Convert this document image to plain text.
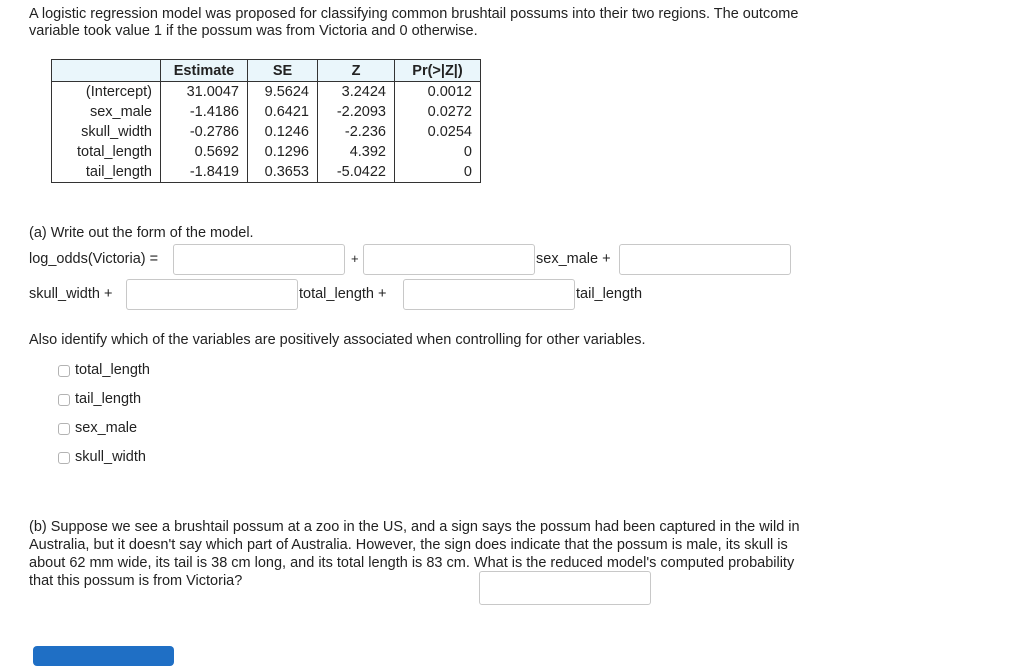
A logistic regression model was proposed for classifying common brushtail possums into their two regions. The outcome variable took value 1 if the possum was from Victoria and 0 otherwise.
	Estimate	SE	Z	Pr(>|Z|)
(Intercept)	31.0047	9.5624	3.2424	0.0012
sex_male	-1.4186	0.6421	-2.2093	0.0272
skull_width	-0.2786	0.1246	-2.236	0.0254
total_length	0.5692	0.1296	4.392	0
tail_length	-1.8419	0.3653	-5.0422	0
(a) Write out the form of the model.
log_odds(Victoria) =	+	sex_male +
skull_width +	total_length +	tail_length
Also identify which of the variables are positively associated when controlling for other variables.
total_length
tail_length
sex_male
skull_width
(b) Suppose we see a brushtail possum at a zoo in the US, and a sign says the possum had been captured in the wild in Australia, but it doesn't say which part of Australia. However, the sign does indicate that the possum is male, its skull is about 62 mm wide, its tail is 38 cm long, and its total length is 83 cm. What is the reduced model's computed probability that this possum is from Victoria?
